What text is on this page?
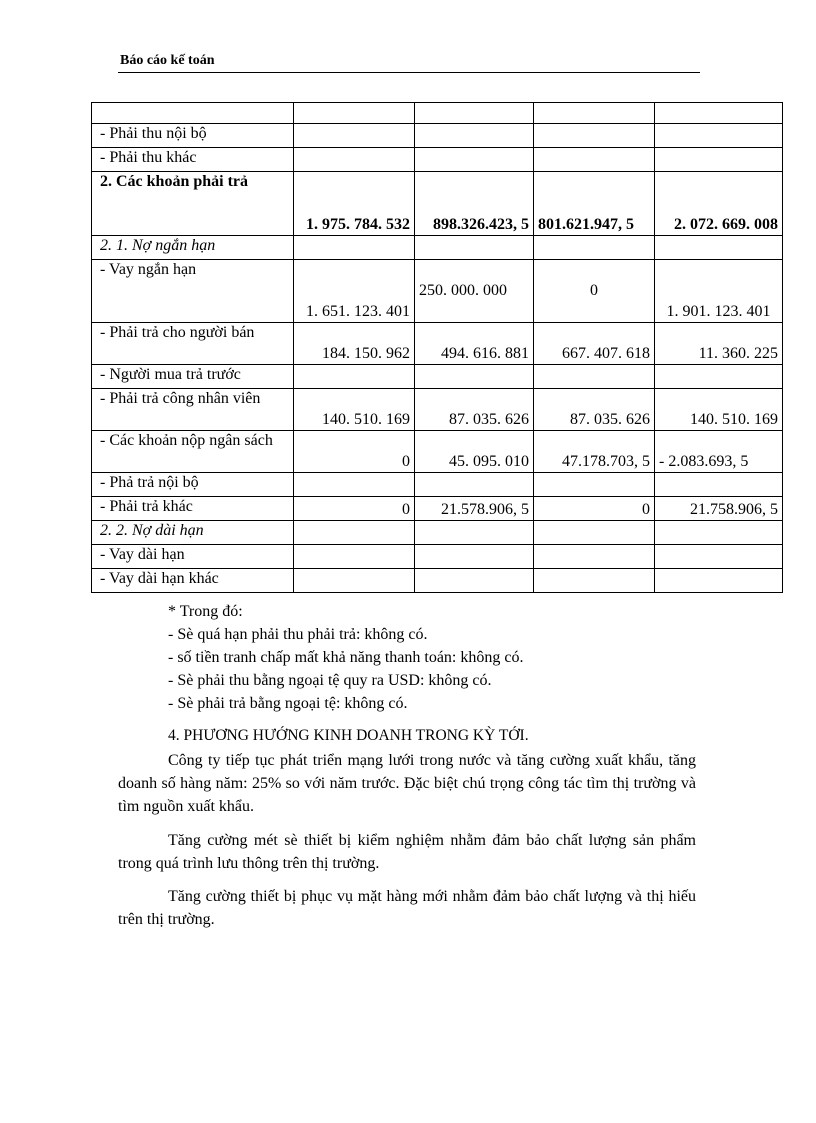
Báo cáo kế toán

- Phải thu nội bộ				
- Phải thu khác				
2. Các khoản phải trả	1. 975. 784. 532	898.326.423, 5	801.621.947, 5	2. 072. 669. 008
2. 1. Nợ ngắn hạn				
- Vay ngắn hạn	1. 651. 123. 401	250. 000. 000	0	1. 901. 123. 401
- Phải trả cho người bán	184. 150. 962	494. 616. 881	667. 407. 618	11. 360. 225
- Người mua trả trước				
- Phải trả công nhân viên	140. 510. 169	87. 035. 626	87. 035. 626	140. 510. 169
- Các khoản nộp ngân sách	0	45. 095. 010	47.178.703, 5	- 2.083.693, 5
- Phả trả nội bộ				
- Phải trả khác	0	21.578.906, 5	0	21.758.906, 5
2. 2. Nợ dài hạn				
- Vay dài hạn				
- Vay dài hạn khác				
* Trong đó:
- Sè quá hạn phải thu phải trả: không có.
- số tiền tranh chấp mất khả năng thanh toán: không có.
- Sè phải thu bằng ngoại tệ quy ra USD: không có.
- Sè phải trả bằng ngoại tệ: không có.
4. PHƯƠNG HƯỚNG KINH DOANH TRONG KỲ TỚI.

Công ty tiếp tục phát triển mạng lưới trong nước và tăng cường xuất khẩu, tăng doanh số hàng năm: 25% so với năm trước. Đặc biệt chú trọng công tác tìm thị trường và tìm nguồn xuất khẩu.

Tăng cường mét sè thiết bị kiểm nghiệm nhằm đảm bảo chất lượng sản phẩm trong quá trình lưu thông trên thị trường.

Tăng cường thiết bị phục vụ mặt hàng mới nhằm đảm bảo chất lượng và thị hiếu trên thị trường.
